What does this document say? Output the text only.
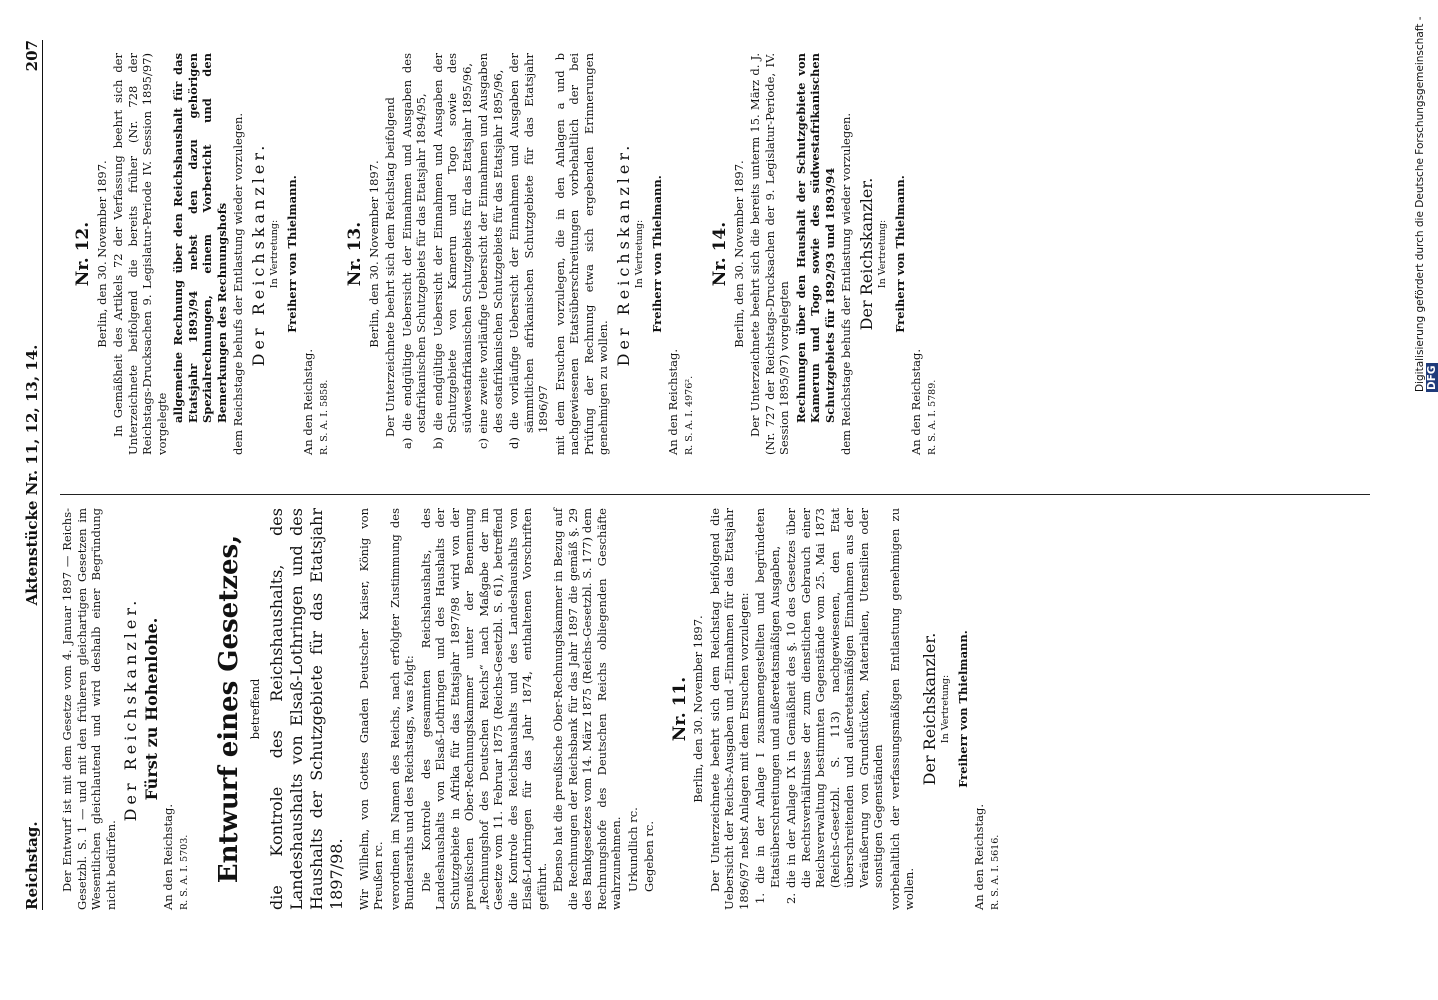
Reichstag.
Aktenstücke Nr. 11, 12, 13, 14.
207

Der Entwurf ist mit dem Gesetze vom 4. Januar 1897 — Reichs-Gesetzbl. S. 1 — und mit den früheren gleichartigen Gesetzen im Wesentlichen gleichlautend und wird deshalb einer Begründung nicht bedürfen.

Der Reichskanzler. Fürst zu Hohenlohe.

An den Reichstag. R. S. A. I. 5703. Entwurf eines Gesetzes, betreffend die Kontrole des Reichshaushalts, des Landeshaushalts von Elsaß-Lothringen und des Haushalts der Schutzgebiete für das Etatsjahr 1897/98. Wir Wilhelm, von Gottes Gnaden Deutscher Kaiser, König von Preußen rc. verordnen im Namen des Reichs, nach erfolgter Zustimmung des Bundesraths und des Reichstags, was folgt: Die Kontrole des gesammten Reichshaushalts, des Landeshaushalts von Elsaß-Lothringen und des Haushalts der Schutzgebiete in Afrika für das Etatsjahr 1897/98 wird von der preußischen Ober-Rechnungskammer unter der Benennung „Rechnungshof des Deutschen Reichs“ nach Maßgabe der im Gesetze vom 11. Februar 1875 (Reichs-Gesetzbl. S. 61), betreffend die Kontrole des Reichshaushalts und des Landeshaushalts von Elsaß-Lothringen für das Jahr 1874, enthaltenen Vorschriften geführt. Ebenso hat die preußische Ober-Rechnungskammer in Bezug auf die Rechnungen der Reichsbank für das Jahr 1897 die gemäß §. 29 des Bankgesetzes vom 14. März 1875 (Reichs-Gesetzbl. S. 177) dem Rechnungshofe des Deutschen Reichs obliegenden Geschäfte wahrzunehmen. Urkundlich rc. Gegeben rc.

Nr. 11. Berlin, den 30. November 1897. Der Unterzeichnete beehrt sich dem Reichstag beifolgend die Uebersicht der Reichs-Ausgaben und -Einnahmen für das Etatsjahr 1896/97 nebst Anlagen mit dem Ersuchen vorzulegen: 1. die in der Anlage I zusammengestellten und begründeten Etatsüberschreitungen und außeretatsmäßigen Ausgaben, 2. die in der Anlage IX in Gemäßheit des §. 10 des Gesetzes über die Rechtsverhältnisse der zum dienstlichen Gebrauch einer Reichsverwaltung bestimmten Gegenstände vom 25. Mai 1873 (Reichs-Gesetzbl. S. 113) nachgewiesenen, den Etat überschreitenden und außeretatsmäßigen Einnahmen aus der Veräußerung von Grundstücken, Materialien, Utensilien oder sonstigen Gegenständen vorbehaltlich der verfassungsmäßigen Entlastung genehmigen zu wollen.

Der Reichskanzler. In Vertretung: Freiherr von Thielmann.

An den Reichstag. R. S. A. I. 5616.

Nr. 12. Berlin, den 30. November 1897. In Gemäßheit des Artikels 72 der Verfassung beehrt sich der Unterzeichnete beifolgend die bereits früher (Nr. 728 der Reichstags-Drucksachen 9. Legislatur-Periode IV. Session 1895/97) vorgelegte

allgemeine Rechnung über den Reichshaushalt für das Etatsjahr 1893/94 nebst den dazu gehörigen Spezialrechnungen, einem Vorbericht und den Bemerkungen des Rechnungshofs dem Reichstage behufs der Entlastung wieder vorzulegen. Der Reichskanzler. In Vertretung: Freiherr von Thielmann.

An den Reichstag. R. S. A. I. 5858.

Nr. 13. Berlin, den 30. November 1897. Der Unterzeichnete beehrt sich dem Reichstag beifolgend a) die endgültige Uebersicht der Einnahmen und Ausgaben des ostafrikanischen Schutzgebiets für das Etatsjahr 1894/95, b) die endgültige Uebersicht der Einnahmen und Ausgaben der Schutzgebiete von Kamerun und Togo sowie des südwestafrikanischen Schutzgebiets für das Etatsjahr 1895/96, c) eine zweite vorläufige Uebersicht der Einnahmen und Ausgaben des ostafrikanischen Schutzgebiets für das Etatsjahr 1895/96, d) die vorläufige Uebersicht der Einnahmen und Ausgaben der sämmtlichen afrikanischen Schutzgebiete für das Etatsjahr 1896/97 mit dem Ersuchen vorzulegen, die in den Anlagen a und b nachgewiesenen Etatsüberschreitungen vorbehaltlich der bei Prüfung der Rechnung etwa sich ergebenden Erinnerungen genehmigen zu wollen.

Der Reichskanzler. In Vertretung: Freiherr von Thielmann.

An den Reichstag. R. S. A. I. 4976².

Nr. 14. Berlin, den 30. November 1897. Der Unterzeichnete beehrt sich die bereits unterm 15. März d. J. (Nr. 727 der Reichstags-Drucksachen der 9. Legislatur-Periode, IV. Session 1895/97) vorgelegten Rechnungen über den Haushalt der Schutzgebiete von Kamerun und Togo sowie des südwestafrikanischen Schutzgebiets für 1892/93 und 1893/94 dem Reichstage behufs der Entlastung wieder vorzulegen. Der Reichskanzler. In Vertretung: Freiherr von Thielmann.

An den Reichstag. R. S. A. I. 5789.

Digitalisierung gefördert durch die Deutsche Forschungsgemeinschaft - DFG
